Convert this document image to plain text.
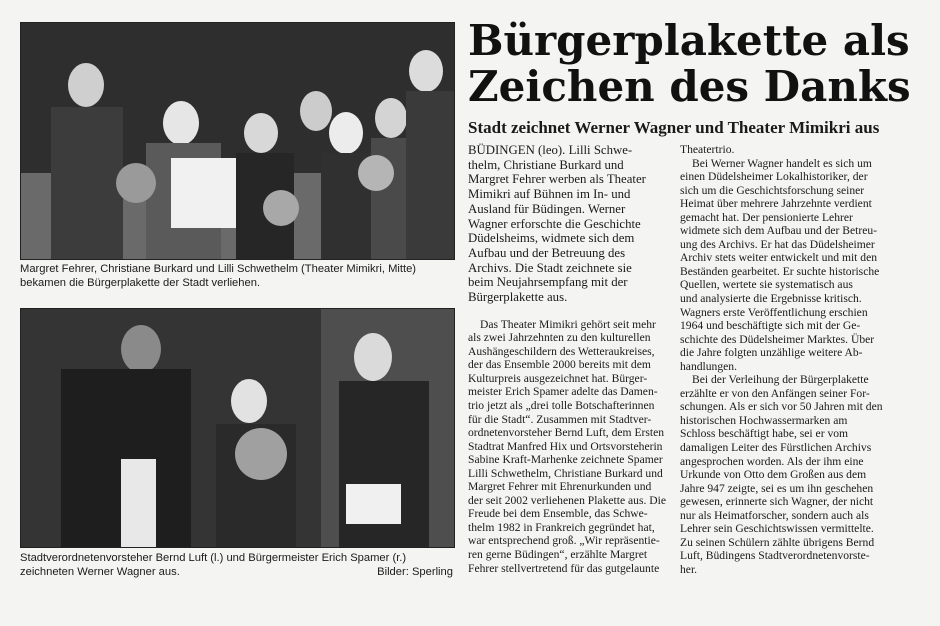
Margret Fehrer, Christiane Burkard und Lilli Schwethelm (Theater Mimikri, Mitte)
bekamen die Bürgerplakette der Stadt verliehen.
Stadtverordnetenvorsteher Bernd Luft (l.) und Bürgermeister Erich Spamer (r.)
zeichneten Werner Wagner aus.	Bilder: Sperling
Bürgerplakette als
Zeichen des Danks
Stadt zeichnet Werner Wagner und Theater Mimikri aus
BÜDINGEN (leo). Lilli Schwe-
thelm, Christiane Burkard und
Margret Fehrer werben als Theater
Mimikri auf Bühnen im In- und
Ausland für Büdingen. Werner
Wagner erforschte die Geschichte
Düdelsheims, widmete sich dem
Aufbau und der Betreuung des
Archivs. Die Stadt zeichnete sie
beim Neujahrsempfang mit der
Bürgerplakette aus.
Das Theater Mimikri gehört seit mehr
als zwei Jahrzehnten zu den kulturellen
Aushängeschildern des Wetteraukreises,
der das Ensemble 2000 bereits mit dem
Kulturpreis ausgezeichnet hat. Bürger-
meister Erich Spamer adelte das Damen-
trio jetzt als „drei tolle Botschafterinnen
für die Stadt“. Zusammen mit Stadtver-
ordnetenvorsteher Bernd Luft, dem Ersten
Stadtrat Manfred Hix und Ortsvorsteherin
Sabine Kraft-Marhenke zeichnete Spamer
Lilli Schwethelm, Christiane Burkard und
Margret Fehrer mit Ehrenurkunden und
der seit 2002 verliehenen Plakette aus. Die
Freude bei dem Ensemble, das Schwe-
thelm 1982 in Frankreich gegründet hat,
war entsprechend groß. „Wir repräsentie-
ren gerne Büdingen“, erzählte Margret
Fehrer stellvertretend für das gutgelaunte
Theatertrio.
Bei Werner Wagner handelt es sich um
einen Düdelsheimer Lokalhistoriker, der
sich um die Geschichtsforschung seiner
Heimat über mehrere Jahrzehnte verdient
gemacht hat. Der pensionierte Lehrer
widmete sich dem Aufbau und der Betreu-
ung des Archivs. Er hat das Düdelsheimer
Archiv stets weiter entwickelt und mit den
Beständen gearbeitet. Er suchte historische
Quellen, wertete sie systematisch aus
und analysierte die Ergebnisse kritisch.
Wagners erste Veröffentlichung erschien
1964 und beschäftigte sich mit der Ge-
schichte des Düdelsheimer Marktes. Über
die Jahre folgten unzählige weitere Ab-
handlungen.
Bei der Verleihung der Bürgerplakette
erzählte er von den Anfängen seiner For-
schungen. Als er sich vor 50 Jahren mit den
historischen Hochwassermarken am
Schloss beschäftigt habe, sei er vom
damaligen Leiter des Fürstlichen Archivs
angesprochen worden. Als der ihm eine
Urkunde von Otto dem Großen aus dem
Jahre 947 zeigte, sei es um ihn geschehen
gewesen, erinnerte sich Wagner, der nicht
nur als Heimatforscher, sondern auch als
Lehrer sein Geschichtswissen vermittelte.
Zu seinen Schülern zählte übrigens Bernd
Luft, Büdingens Stadtverordnetenvorste-
her.
